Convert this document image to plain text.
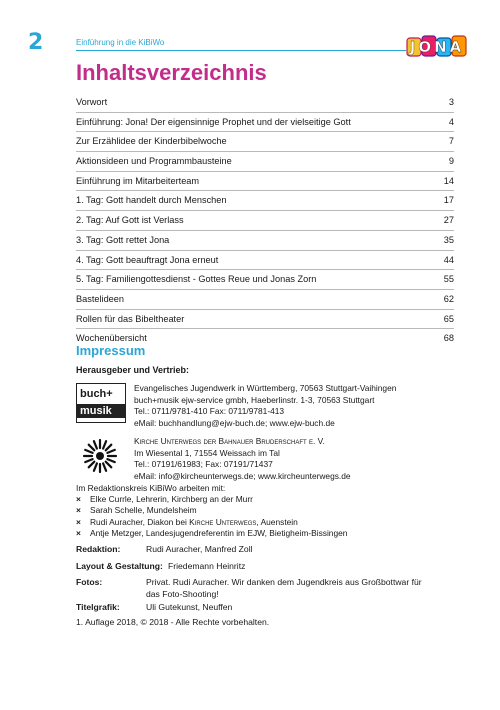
2	Einführung in die KiBiWo	JONA
Inhaltsverzeichnis
Vorwort	3
Einführung: Jona! Der eigensinnige Prophet und der vielseitige Gott	4
Zur Erzählidee der Kinderbibelwoche	7
Aktionsideen und Programmbausteine	9
Einführung im Mitarbeiterteam	14
1. Tag: Gott handelt durch Menschen	17
2. Tag: Auf Gott ist Verlass	27
3. Tag: Gott rettet Jona	35
4. Tag: Gott beauftragt Jona erneut	44
5. Tag: Familiengottesdienst - Gottes Reue und Jonas Zorn	55
Bastelideen	62
Rollen für das Bibeltheater	65
Wochenübersicht	68
Impressum
Herausgeber und Vertrieb:
buch+
musik
Evangelisches Jugendwerk in Württemberg, 70563 Stuttgart-Vaihingen
buch+musik ejw-service gmbh, Haeberlinstr. 1-3, 70563 Stuttgart
Tel.: 0711/9781-410 Fax: 0711/9781-413
eMail: buchhandlung@ejw-buch.de; www.ejw-buch.de
Kirche Unterwegs der Bahnauer Bruderschaft e. V.
Im Wiesental 1, 71554 Weissach im Tal
Tel.: 07191/61983; Fax: 07191/71437
eMail: info@kircheunterwegs.de; www.kircheunterwegs.de
Im Redaktionskreis KiBiWo arbeiten mit:
× Elke Currle, Lehrerin, Kirchberg an der Murr
× Sarah Schelle, Mundelsheim
× Rudi Auracher, Diakon bei Kirche Unterwegs, Auenstein
× Antje Metzger, Landesjugendreferentin im EJW, Bietigheim-Bissingen
Redaktion:	Rudi Auracher, Manfred Zoll
Layout & Gestaltung: Friedemann Heinritz
Fotos:	Privat. Rudi Auracher. Wir danken dem Jugendkreis aus Großbottwar für
das Foto-Shooting!
Titelgrafik:	Uli Gutekunst, Neuffen
1. Auflage 2018, © 2018 - Alle Rechte vorbehalten.
